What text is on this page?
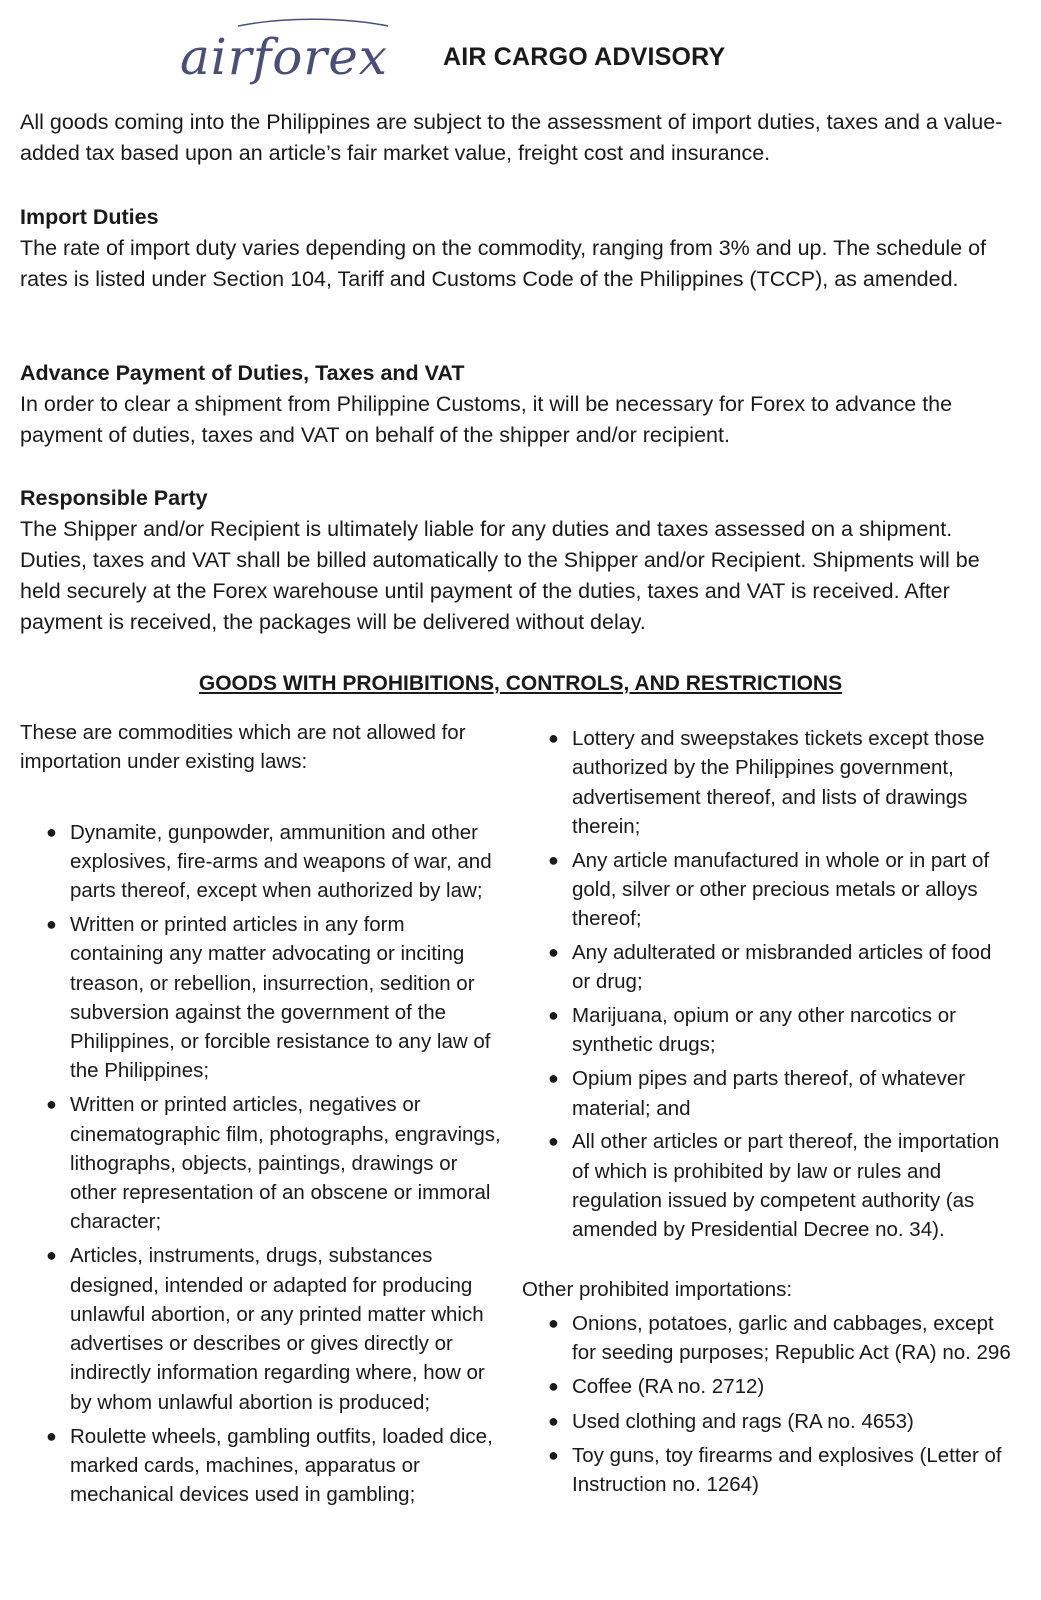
airforex AIR CARGO ADVISORY

All goods coming into the Philippines are subject to the assessment of import duties, taxes and a value-added tax based upon an article’s fair market value, freight cost and insurance.

Import Duties
The rate of import duty varies depending on the commodity, ranging from 3% and up. The schedule of rates is listed under Section 104, Tariff and Customs Code of the Philippines (TCCP), as amended.
Advance Payment of Duties, Taxes and VAT
In order to clear a shipment from Philippine Customs, it will be necessary for Forex to advance the payment of duties, taxes and VAT on behalf of the shipper and/or recipient.
Responsible Party
The Shipper and/or Recipient is ultimately liable for any duties and taxes assessed on a shipment. Duties, taxes and VAT shall be billed automatically to the Shipper and/or Recipient. Shipments will be held securely at the Forex warehouse until payment of the duties, taxes and VAT is received. After payment is received, the packages will be delivered without delay.
GOODS WITH PROHIBITIONS, CONTROLS, AND RESTRICTIONS

These are commodities which are not allowed for importation under existing laws:

● Dynamite, gunpowder, ammunition and other explosives, fire-arms and weapons of war, and parts thereof, except when authorized by law;
● Written or printed articles in any form containing any matter advocating or inciting treason, or rebellion, insurrection, sedition or subversion against the government of the Philippines, or forcible resistance to any law of the Philippines;
● Written or printed articles, negatives or cinematographic film, photographs, engravings, lithographs, objects, paintings, drawings or other representation of an obscene or immoral character;
● Articles, instruments, drugs, substances designed, intended or adapted for producing unlawful abortion, or any printed matter which advertises or describes or gives directly or indirectly information regarding where, how or by whom unlawful abortion is produced;
● Roulette wheels, gambling outfits, loaded dice, marked cards, machines, apparatus or mechanical devices used in gambling;
● Lottery and sweepstakes tickets except those authorized by the Philippines government, advertisement thereof, and lists of drawings therein;
● Any article manufactured in whole or in part of gold, silver or other precious metals or alloys thereof;
● Any adulterated or misbranded articles of food or drug;
● Marijuana, opium or any other narcotics or synthetic drugs;
● Opium pipes and parts thereof, of whatever material; and
● All other articles or part thereof, the importation of which is prohibited by law or rules and regulation issued by competent authority (as amended by Presidential Decree no. 34).

Other prohibited importations:

● Onions, potatoes, garlic and cabbages, except for seeding purposes; Republic Act (RA) no. 296
● Coffee (RA no. 2712)
● Used clothing and rags (RA no. 4653)
● Toy guns, toy firearms and explosives (Letter of Instruction no. 1264)
